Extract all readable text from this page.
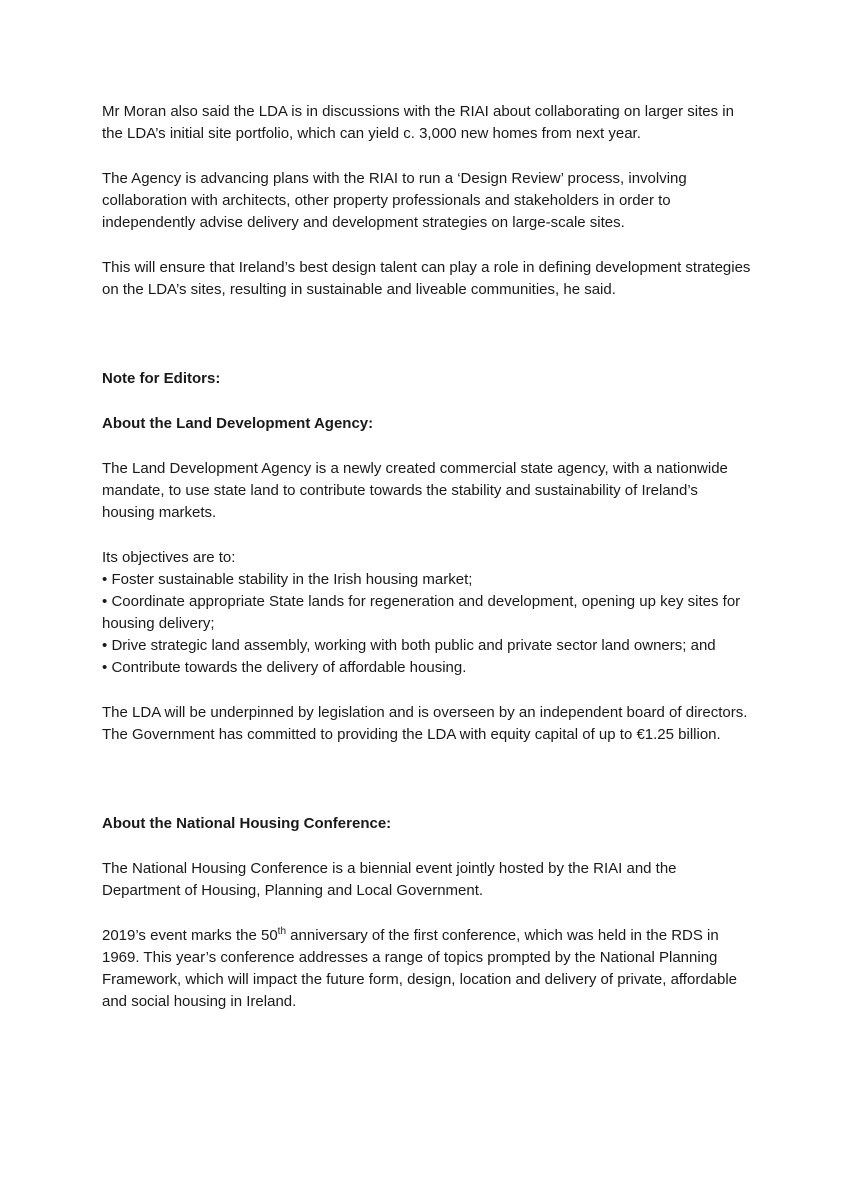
Mr Moran also said the LDA is in discussions with the RIAI about collaborating on larger sites in the LDA’s initial site portfolio, which can yield c. 3,000 new homes from next year.

The Agency is advancing plans with the RIAI to run a ‘Design Review’ process, involving collaboration with architects, other property professionals and stakeholders in order to independently advise delivery and development strategies on large-scale sites.

This will ensure that Ireland’s best design talent can play a role in defining development strategies on the LDA’s sites, resulting in sustainable and liveable communities, he said.

Note for Editors:

About the Land Development Agency:

The Land Development Agency is a newly created commercial state agency, with a nationwide mandate, to use state land to contribute towards the stability and sustainability of Ireland’s housing markets.

Its objectives are to:

• Foster sustainable stability in the Irish housing market;
• Coordinate appropriate State lands for regeneration and development, opening up key sites for housing delivery;
• Drive strategic land assembly, working with both public and private sector land owners; and
• Contribute towards the delivery of affordable housing.

The LDA will be underpinned by legislation and is overseen by an independent board of directors. The Government has committed to providing the LDA with equity capital of up to €1.25 billion.

About the National Housing Conference:

The National Housing Conference is a biennial event jointly hosted by the RIAI and the Department of Housing, Planning and Local Government.

2019’s event marks the 50th anniversary of the first conference, which was held in the RDS in 1969. This year’s conference addresses a range of topics prompted by the National Planning Framework, which will impact the future form, design, location and delivery of private, affordable and social housing in Ireland.
